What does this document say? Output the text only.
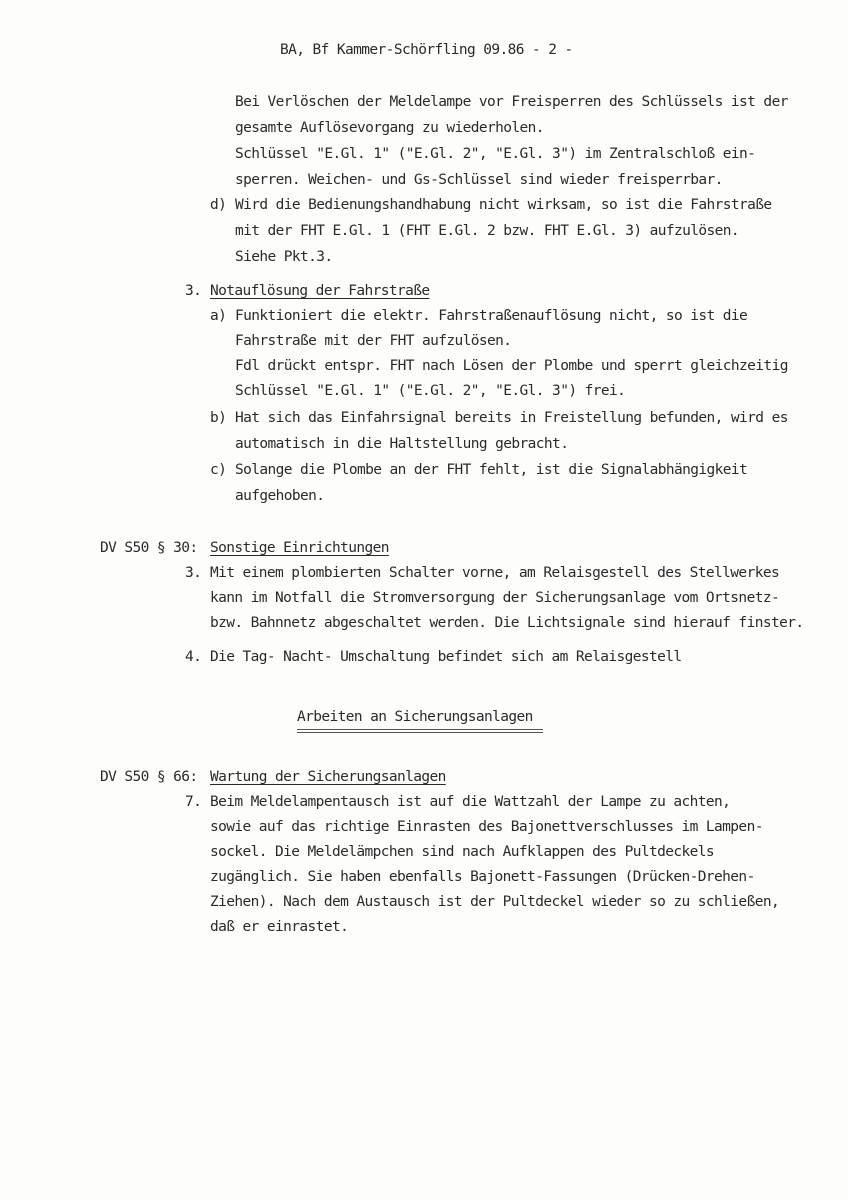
BA, Bf Kammer-Schörfling 09.86 - 2 -
Bei Verlöschen der Meldelampe vor Freisperren des Schlüssels ist der
gesamte Auflösevorgang zu wiederholen.
Schlüssel "E.Gl. 1" ("E.Gl. 2", "E.Gl. 3") im Zentralschloß ein-
sperren. Weichen- und Gs-Schlüssel sind wieder freisperrbar.
d) Wird die Bedienungshandhabung nicht wirksam, so ist die Fahrstraße
mit der FHT E.Gl. 1 (FHT E.Gl. 2 bzw. FHT E.Gl. 3) aufzulösen.
Siehe Pkt.3.
3. Notauflösung der Fahrstraße
a) Funktioniert die elektr. Fahrstraßenauflösung nicht, so ist die
Fahrstraße mit der FHT aufzulösen.
Fdl drückt entspr. FHT nach Lösen der Plombe und sperrt gleichzeitig
Schlüssel "E.Gl. 1" ("E.Gl. 2", "E.Gl. 3") frei.
b) Hat sich das Einfahrsignal bereits in Freistellung befunden, wird es
automatisch in die Haltstellung gebracht.
c) Solange die Plombe an der FHT fehlt, ist die Signalabhängigkeit
aufgehoben.
DV S50 § 30: Sonstige Einrichtungen
3. Mit einem plombierten Schalter vorne, am Relaisgestell des Stellwerkes
kann im Notfall die Stromversorgung der Sicherungsanlage vom Ortsnetz-
bzw. Bahnnetz abgeschaltet werden. Die Lichtsignale sind hierauf finster.
4. Die Tag- Nacht- Umschaltung befindet sich am Relaisgestell
Arbeiten an Sicherungsanlagen
DV S50 § 66: Wartung der Sicherungsanlagen
7. Beim Meldelampentausch ist auf die Wattzahl der Lampe zu achten,
sowie auf das richtige Einrasten des Bajonettverschlusses im Lampen-
sockel. Die Meldelämpchen sind nach Aufklappen des Pultdeckels
zugänglich. Sie haben ebenfalls Bajonett-Fassungen (Drücken-Drehen-
Ziehen). Nach dem Austausch ist der Pultdeckel wieder so zu schließen,
daß er einrastet.
